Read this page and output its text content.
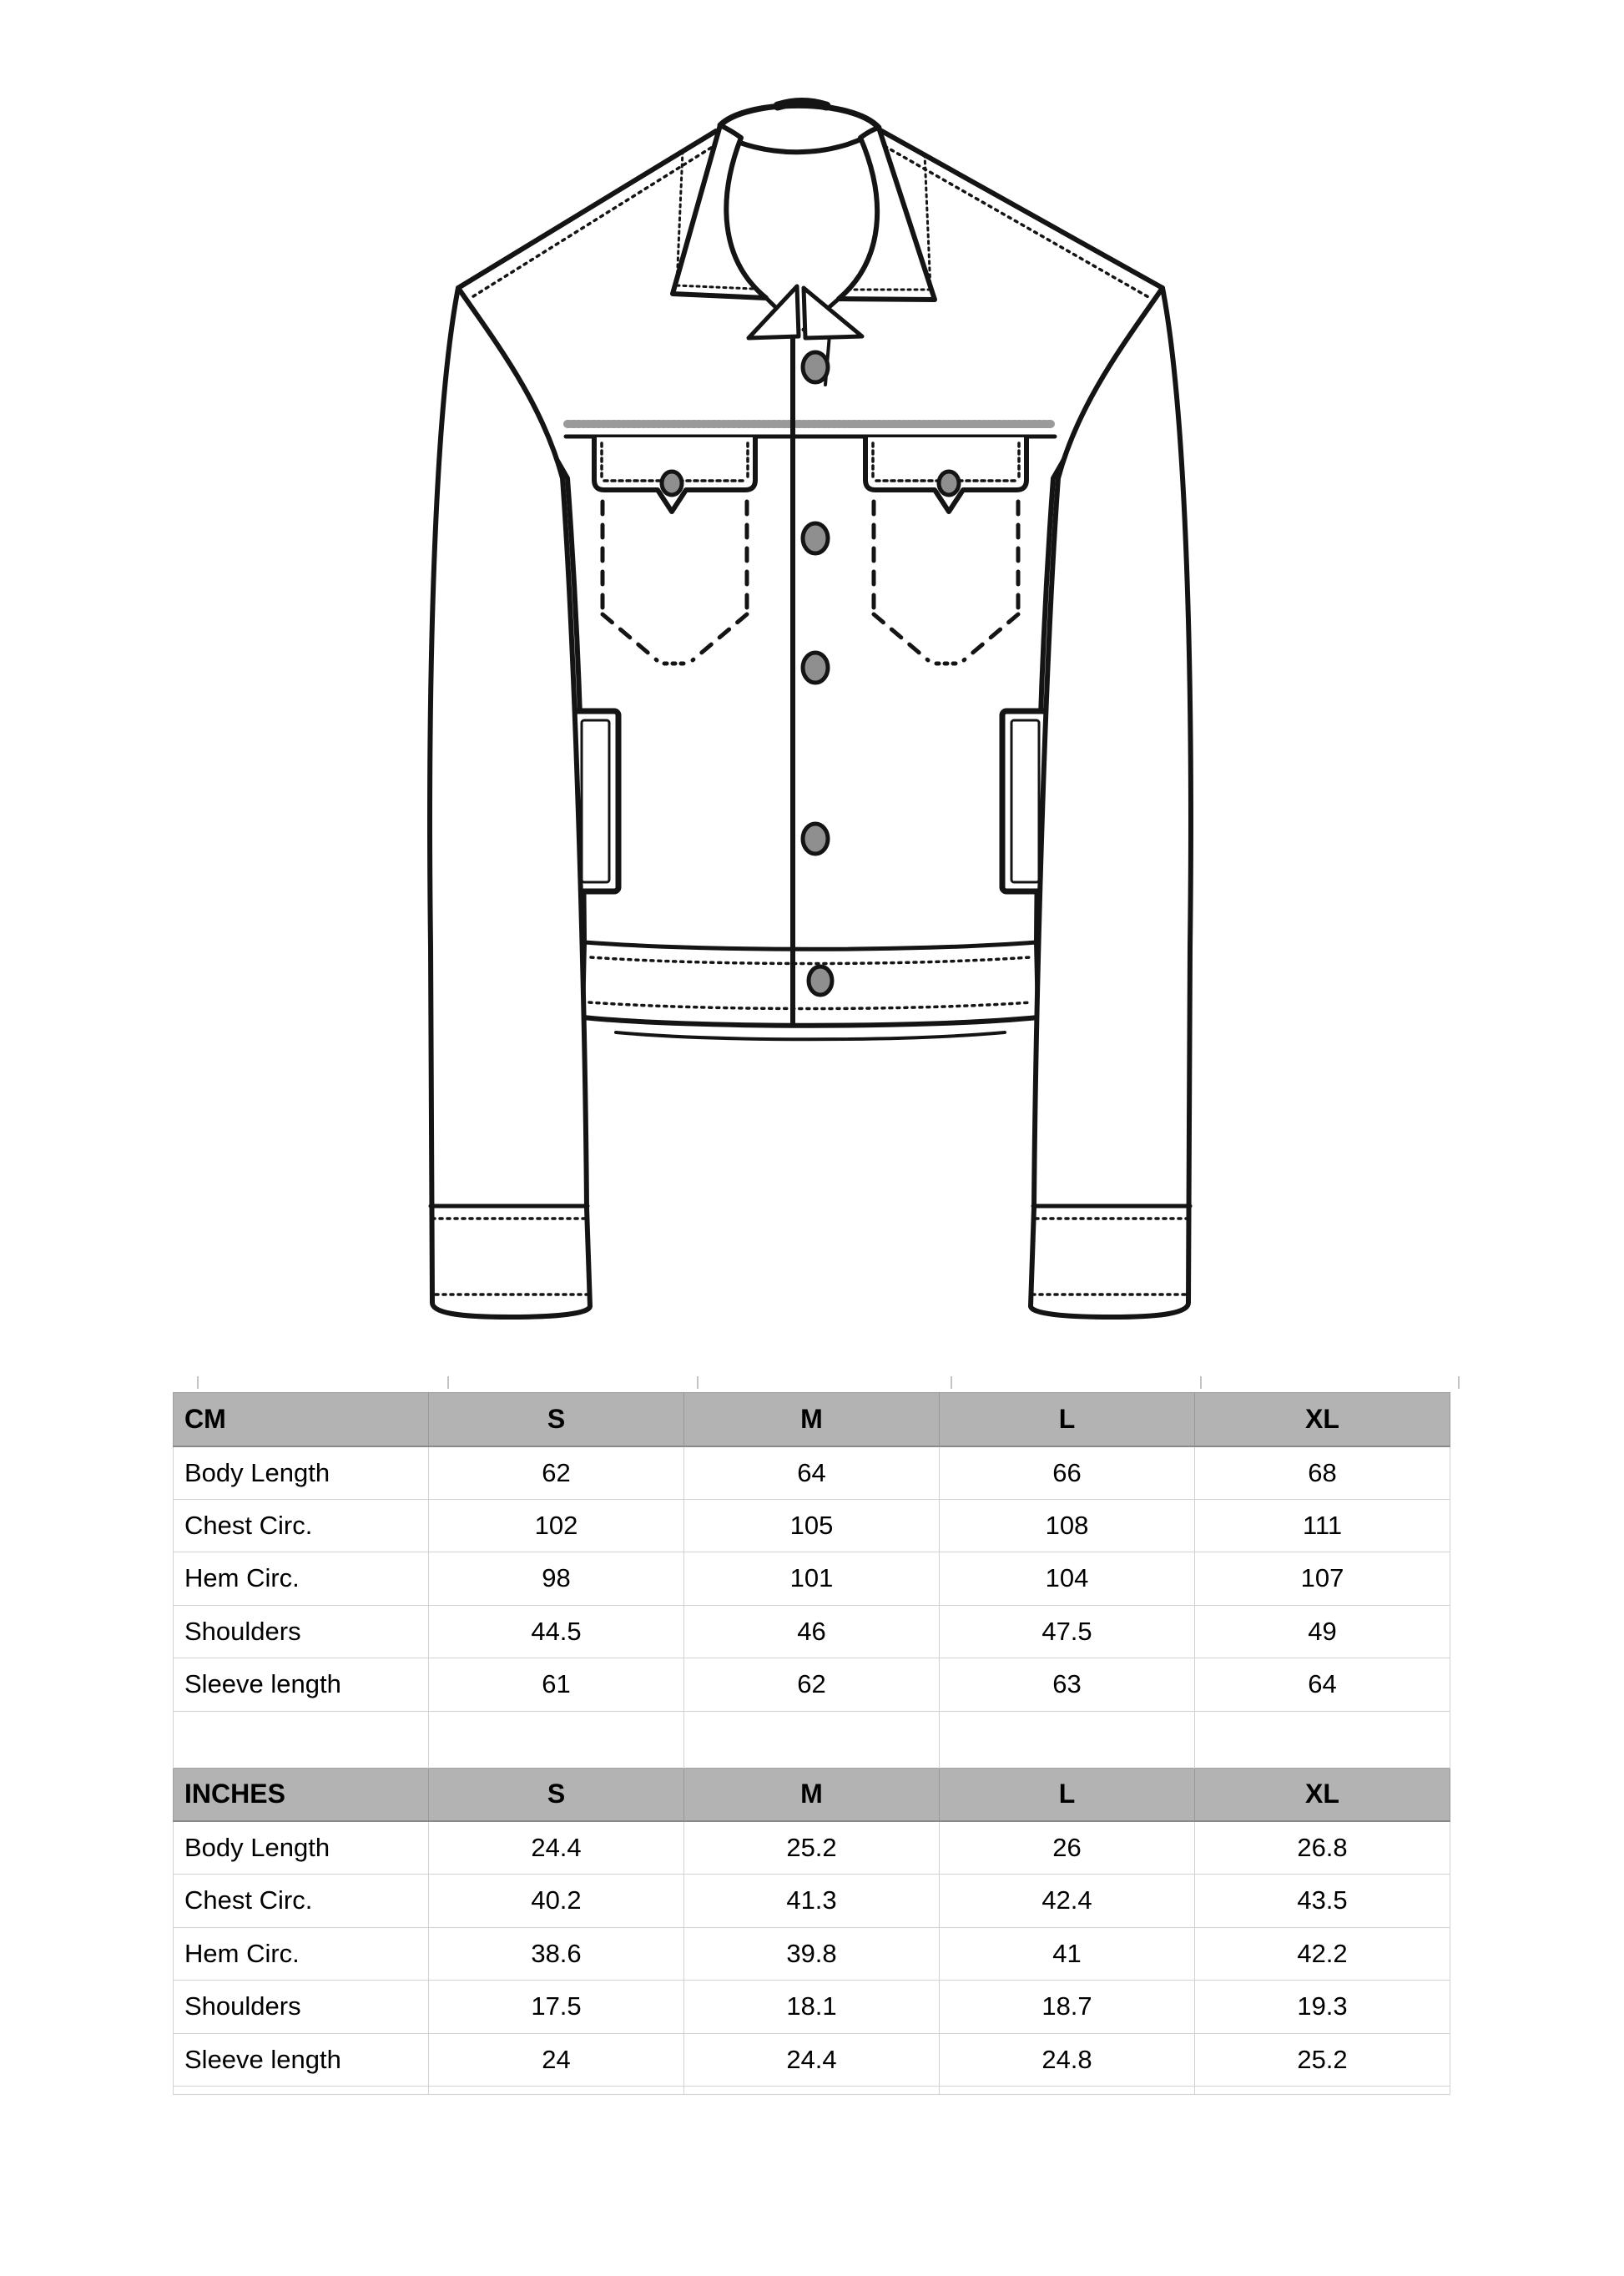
CM	S	M	L	XL
Body Length	62	64	66	68
Chest Circ.	102	105	108	111
Hem Circ.	98	101	104	107
Shoulders	44.5	46	47.5	49
Sleeve length	61	62	63	64

INCHES	S	M	L	XL
Body Length	24.4	25.2	26	26.8
Chest Circ.	40.2	41.3	42.4	43.5
Hem Circ.	38.6	39.8	41	42.2
Shoulders	17.5	18.1	18.7	19.3
Sleeve length	24	24.4	24.8	25.2
